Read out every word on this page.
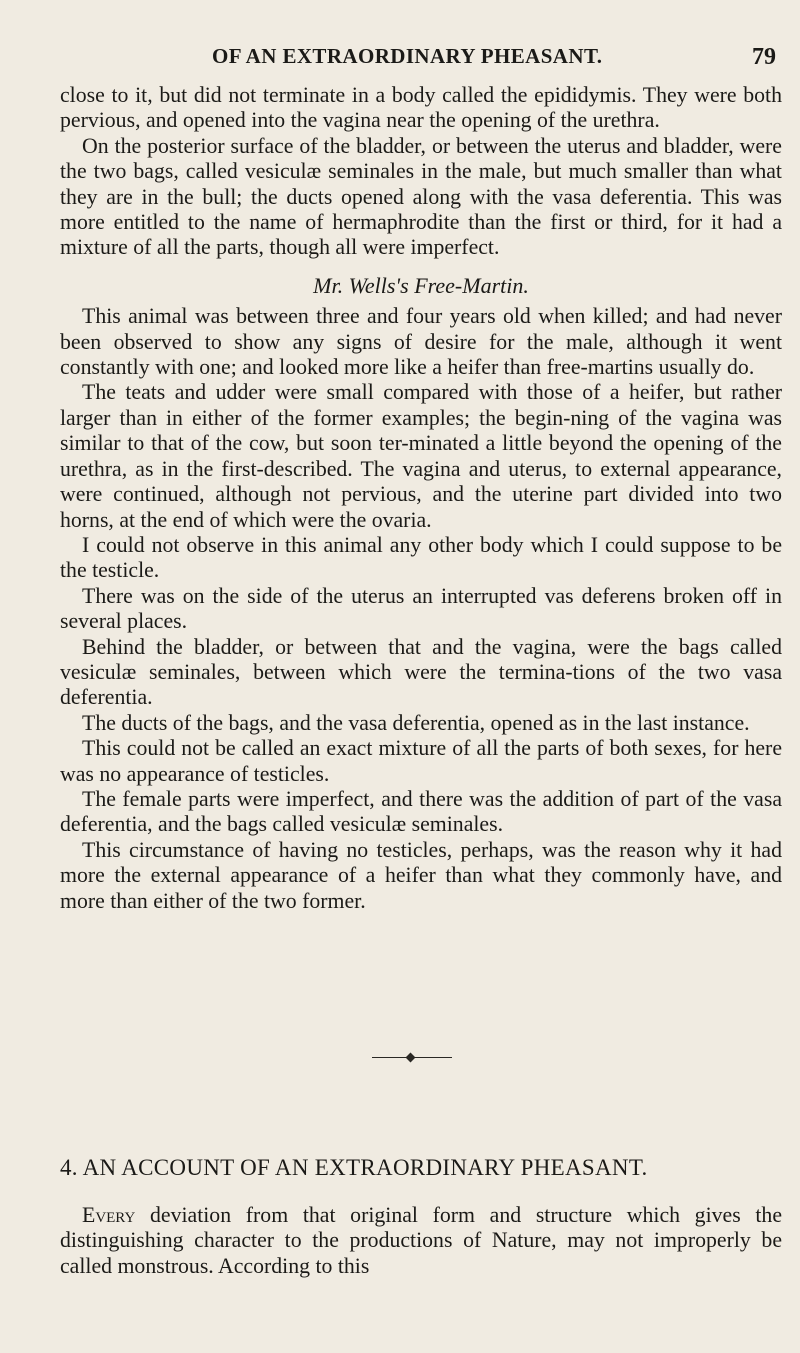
OF AN EXTRAORDINARY PHEASANT.	79

close to it, but did not terminate in a body called the epididymis. They were both pervious, and opened into the vagina near the opening of the urethra.

On the posterior surface of the bladder, or between the uterus and bladder, were the two bags, called vesiculæ seminales in the male, but much smaller than what they are in the bull; the ducts opened along with the vasa deferentia. This was more entitled to the name of hermaphrodite than the first or third, for it had a mixture of all the parts, though all were imperfect.

Mr. Wells's Free-Martin.

This animal was between three and four years old when killed; and had never been observed to show any signs of desire for the male, although it went constantly with one; and looked more like a heifer than free-martins usually do.

The teats and udder were small compared with those of a heifer, but rather larger than in either of the former examples; the begin-ning of the vagina was similar to that of the cow, but soon ter-minated a little beyond the opening of the urethra, as in the first-described. The vagina and uterus, to external appearance, were continued, although not pervious, and the uterine part divided into two horns, at the end of which were the ovaria.

I could not observe in this animal any other body which I could suppose to be the testicle.

There was on the side of the uterus an interrupted vas deferens broken off in several places.

Behind the bladder, or between that and the vagina, were the bags called vesiculæ seminales, between which were the termina-tions of the two vasa deferentia.

The ducts of the bags, and the vasa deferentia, opened as in the last instance.

This could not be called an exact mixture of all the parts of both sexes, for here was no appearance of testicles.

The female parts were imperfect, and there was the addition of part of the vasa deferentia, and the bags called vesiculæ seminales.

This circumstance of having no testicles, perhaps, was the reason why it had more the external appearance of a heifer than what they commonly have, and more than either of the two former.

4. AN ACCOUNT OF AN EXTRAORDINARY PHEASANT.

Every deviation from that original form and structure which gives the distinguishing character to the productions of Nature, may not improperly be called monstrous. According to this
